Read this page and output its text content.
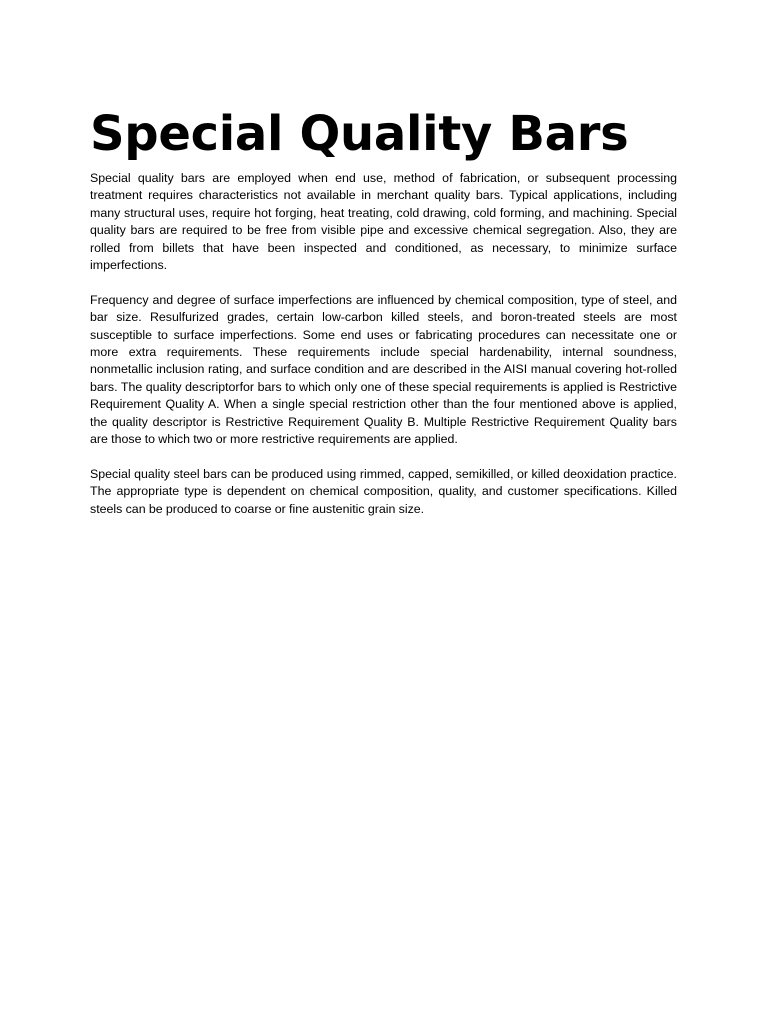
Special Quality Bars

Special quality bars are employed when end use, method of fabrication, or subsequent processing treatment requires characteristics not available in merchant quality bars. Typical applications, including many structural uses, require hot forging, heat treating, cold drawing, cold forming, and machining. Special quality bars are required to be free from visible pipe and excessive chemical segregation. Also, they are rolled from billets that have been inspected and conditioned, as necessary, to minimize surface imperfections.

Frequency and degree of surface imperfections are influenced by chemical composition, type of steel, and bar size. Resulfurized grades, certain low-carbon killed steels, and boron-treated steels are most susceptible to surface imperfections. Some end uses or fabricating procedures can necessitate one or more extra requirements. These requirements include special hardenability, internal soundness, nonmetallic inclusion rating, and surface condition and are described in the AISI manual covering hot-rolled bars. The quality descriptorfor bars to which only one of these special requirements is applied is Restrictive Requirement Quality A. When a single special restriction other than the four mentioned above is applied, the quality descriptor is Restrictive Requirement Quality B. Multiple Restrictive Requirement Quality bars are those to which two or more restrictive requirements are applied.

Special quality steel bars can be produced using rimmed, capped, semikilled, or killed deoxidation practice. The appropriate type is dependent on chemical composition, quality, and customer specifications. Killed steels can be produced to coarse or fine austenitic grain size.
